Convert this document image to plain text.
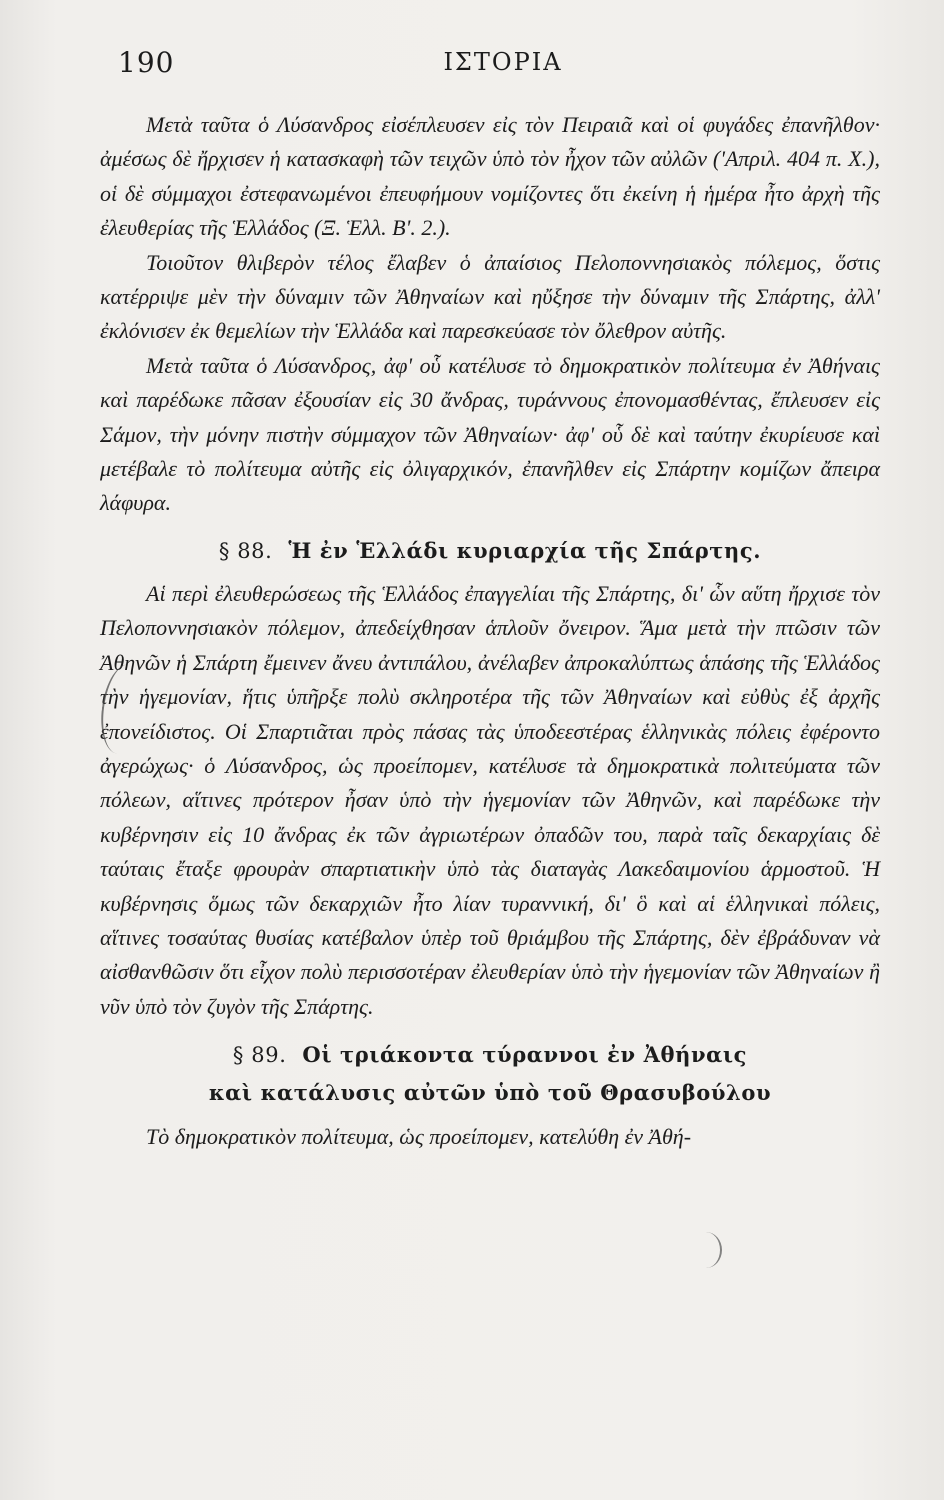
190	ΙΣΤΟΡΙΑ

Μετὰ ταῦτα ὁ Λύσανδρος εἰσέπλευσεν εἰς τὸν Πειραιᾶ καὶ οἱ φυγάδες ἐπανῆλθον· ἀμέσως δὲ ἤρχισεν ἡ κατασκαφὴ τῶν τειχῶν ὑπὸ τὸν ἦχον τῶν αὐλῶν ('Απριλ. 404 π. Χ.), οἱ δὲ σύμμαχοι ἐστεφανωμένοι ἐπευφήμουν νομίζοντες ὅτι ἐκείνη ἡ ἡμέρα ἦτο ἀρχὴ τῆς ἐλευθερίας τῆς Ἑλλάδος (Ξ. Ἑλλ. Β'. 2.).

Τοιοῦτον θλιβερὸν τέλος ἔλαβεν ὁ ἀπαίσιος Πελοποννησιακὸς πόλεμος, ὅστις κατέρριψε μὲν τὴν δύναμιν τῶν Ἀθηναίων καὶ ηὔξησε τὴν δύναμιν τῆς Σπάρτης, ἀλλ' ἐκλόνισεν ἐκ θεμελίων τὴν Ἑλλάδα καὶ παρεσκεύασε τὸν ὄλεθρον αὐτῆς.

Μετὰ ταῦτα ὁ Λύσανδρος, ἀφ' οὗ κατέλυσε τὸ δημοκρατικὸν πολίτευμα ἐν Ἀθήναις καὶ παρέδωκε πᾶσαν ἐξουσίαν εἰς 30 ἄνδρας, τυράννους ἐπονομασθέντας, ἔπλευσεν εἰς Σάμον, τὴν μόνην πιστὴν σύμμαχον τῶν Ἀθηναίων· ἀφ' οὗ δὲ καὶ ταύτην ἐκυρίευσε καὶ μετέβαλε τὸ πολίτευμα αὐτῆς εἰς ὀλιγαρχικόν, ἐπανῆλθεν εἰς Σπάρτην κομίζων ἄπειρα λάφυρα.

§ 88. Ἡ ἐν Ἑλλάδι κυριαρχία τῆς Σπάρτης.

Αἱ περὶ ἐλευθερώσεως τῆς Ἑλλάδος ἐπαγγελίαι τῆς Σπάρτης, δι' ὧν αὕτη ἤρχισε τὸν Πελοποννησιακὸν πόλεμον, ἀπεδείχθησαν ἁπλοῦν ὄνειρον. Ἅμα μετὰ τὴν πτῶσιν τῶν Ἀθηνῶν ἡ Σπάρτη ἔμεινεν ἄνευ ἀντιπάλου, ἀνέλαβεν ἀπροκαλύπτως ἁπάσης τῆς Ἑλλάδος τὴν ἡγεμονίαν, ἥτις ὑπῆρξε πολὺ σκληροτέρα τῆς τῶν Ἀθηναίων καὶ εὐθὺς ἐξ ἀρχῆς ἐπονείδιστος. Οἱ Σπαρτιᾶται πρὸς πάσας τὰς ὑποδεεστέρας ἑλληνικὰς πόλεις ἐφέροντο ἀγερώχως· ὁ Λύσανδρος, ὡς προείπομεν, κατέλυσε τὰ δημοκρατικὰ πολιτεύματα τῶν πόλεων, αἵτινες πρότερον ἦσαν ὑπὸ τὴν ἡγεμονίαν τῶν Ἀθηνῶν, καὶ παρέδωκε τὴν κυβέρνησιν εἰς 10 ἄνδρας ἐκ τῶν ἀγριωτέρων ὀπαδῶν του, παρὰ ταῖς δεκαρχίαις δὲ ταύταις ἔταξε φρουρὰν σπαρτιατικὴν ὑπὸ τὰς διαταγὰς Λακεδαιμονίου ἁρμοστοῦ. Ἡ κυβέρνησις ὅμως τῶν δεκαρχιῶν ἦτο λίαν τυραννική, δι' ὃ καὶ αἱ ἑλληνικαὶ πόλεις, αἵτινες τοσαύτας θυσίας κατέβαλον ὑπὲρ τοῦ θριάμβου τῆς Σπάρτης, δὲν ἐβράδυναν νὰ αἰσθανθῶσιν ὅτι εἶχον πολὺ περισσοτέραν ἐλευθερίαν ὑπὸ τὴν ἡγεμονίαν τῶν Ἀθηναίων ἢ νῦν ὑπὸ τὸν ζυγὸν τῆς Σπάρτης.

§ 89. Οἱ τριάκοντα τύραννοι ἐν Ἀθήναις
καὶ κατάλυσις αὐτῶν ὑπὸ τοῦ Θρασυβούλου

Τὸ δημοκρατικὸν πολίτευμα, ὡς προείπομεν, κατελύθη ἐν Ἀθή-
